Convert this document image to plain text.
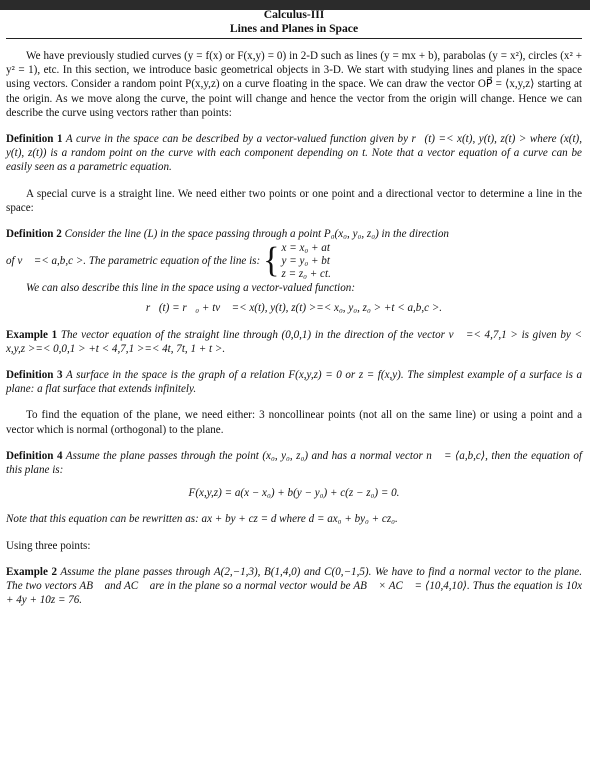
Calculus-III
Lines and Planes in Space

We have previously studied curves (y = f(x) or F(x,y) = 0) in 2-D such as lines (y = mx + b), parabolas (y = x²), circles (x² + y² = 1), etc. In this section, we introduce basic geometrical objects in 3-D. We start with studying lines and planes in the space using vectors. Consider a random point P(x,y,z) on a curve floating in the space. We can draw the vector OP⃗ = ⟨x,y,z⟩ starting at the origin. As we move along the curve, the point will change and hence the vector from the origin will change. Hence we can describe the curve using vectors rather than points:

Definition 1 A curve in the space can be described by a vector-valued function given by r⃗(t) =< x(t), y(t), z(t) > where (x(t), y(t), z(t)) is a random point on the curve with each component depending on t. Note that a vector equation of a curve can be easily seen as a parametric equation.

A special curve is a straight line. We need either two points or one point and a directional vector to determine a line in the space:

Definition 2 Consider the line (L) in the space passing through a point P₀(x₀, y₀, z₀) in the direction

of v⃗ =< a,b,c >. The parametric equation of the line is: { x = x₀ + at
y = y₀ + bt
z = z₀ + ct.

We can also describe this line in the space using a vector-valued function:

r⃗(t) = r⃗₀ + tv⃗ =< x(t), y(t), z(t) >=< x₀, y₀, z₀ > +t < a,b,c >.

Example 1 The vector equation of the straight line through (0,0,1) in the direction of the vector v⃗ =< 4,7,1 > is given by < x,y,z >=< 0,0,1 > +t < 4,7,1 >=< 4t, 7t, 1 + t >.

Definition 3 A surface in the space is the graph of a relation F(x,y,z) = 0 or z = f(x,y). The simplest example of a surface is a plane: a flat surface that extends infinitely.

To find the equation of the plane, we need either: 3 noncollinear points (not all on the same line) or using a point and a vector which is normal (orthogonal) to the plane.

Definition 4 Assume the plane passes through the point (x₀, y₀, z₀) and has a normal vector n⃗ = ⟨a,b,c⟩, then the equation of this plane is:

F(x,y,z) = a(x − x₀) + b(y − y₀) + c(z − z₀) = 0.

Note that this equation can be rewritten as: ax + by + cz = d where d = ax₀ + by₀ + cz₀.

Using three points:

Example 2 Assume the plane passes through A(2,−1,3), B(1,4,0) and C(0,−1,5). We have to find a normal vector to the plane. The two vectors AB⃗ and AC⃗ are in the plane so a normal vector would be AB⃗ × AC⃗ = ⟨10,4,10⟩. Thus the equation is 10x + 4y + 10z = 76.
